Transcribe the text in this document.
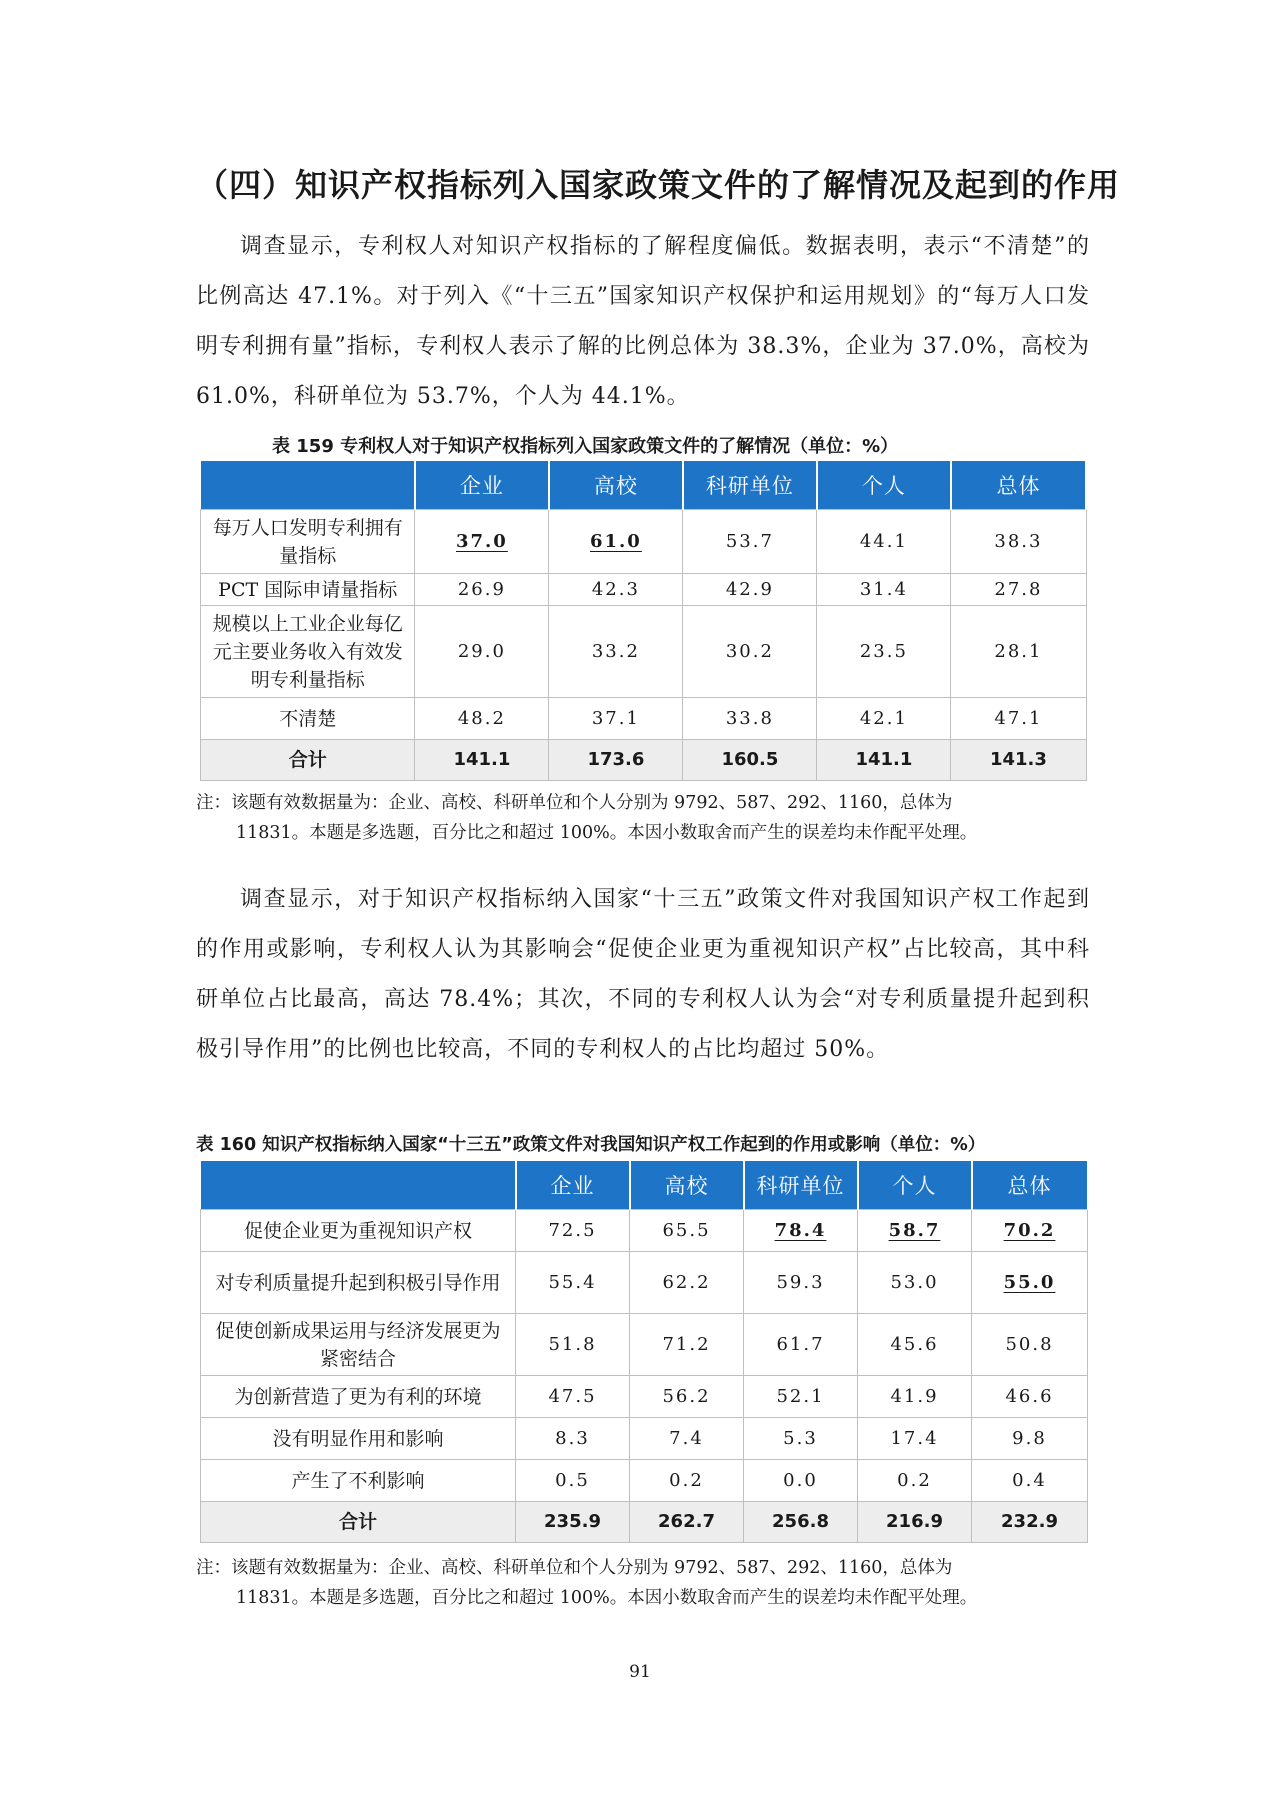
（四）知识产权指标列入国家政策文件的了解情况及起到的作用

调查显示，专利权人对知识产权指标的了解程度偏低。数据表明，表示“不清楚”的比例高达 47.1%。对于列入《“十三五”国家知识产权保护和运用规划》的“每万人口发明专利拥有量”指标，专利权人表示了解的比例总体为 38.3%，企业为 37.0%，高校为 61.0%，科研单位为 53.7%，个人为 44.1%。

表 159 专利权人对于知识产权指标列入国家政策文件的了解情况（单位：%）

	企业	高校	科研单位	个人	总体
每万人口发明专利拥有量指标	37.0	61.0	53.7	44.1	38.3
PCT 国际申请量指标	26.9	42.3	42.9	31.4	27.8
规模以上工业企业每亿元主要业务收入有效发明专利量指标	29.0	33.2	30.2	23.5	28.1
不清楚	48.2	37.1	33.8	42.1	47.1
合计	141.1	173.6	160.5	141.1	141.3

注：该题有效数据量为：企业、高校、科研单位和个人分别为 9792、587、292、1160，总体为
11831。本题是多选题，百分比之和超过 100%。本因小数取舍而产生的误差均未作配平处理。

调查显示，对于知识产权指标纳入国家“十三五”政策文件对我国知识产权工作起到的作用或影响，专利权人认为其影响会“促使企业更为重视知识产权”占比较高，其中科研单位占比最高，高达 78.4%；其次，不同的专利权人认为会“对专利质量提升起到积极引导作用”的比例也比较高，不同的专利权人的占比均超过 50%。

表 160 知识产权指标纳入国家“十三五”政策文件对我国知识产权工作起到的作用或影响（单位：%）

	企业	高校	科研单位	个人	总体
促使企业更为重视知识产权	72.5	65.5	78.4	58.7	70.2
对专利质量提升起到积极引导作用	55.4	62.2	59.3	53.0	55.0
促使创新成果运用与经济发展更为紧密结合	51.8	71.2	61.7	45.6	50.8
为创新营造了更为有利的环境	47.5	56.2	52.1	41.9	46.6
没有明显作用和影响	8.3	7.4	5.3	17.4	9.8
产生了不利影响	0.5	0.2	0.0	0.2	0.4
合计	235.9	262.7	256.8	216.9	232.9

注：该题有效数据量为：企业、高校、科研单位和个人分别为 9792、587、292、1160，总体为
11831。本题是多选题，百分比之和超过 100%。本因小数取舍而产生的误差均未作配平处理。

91
